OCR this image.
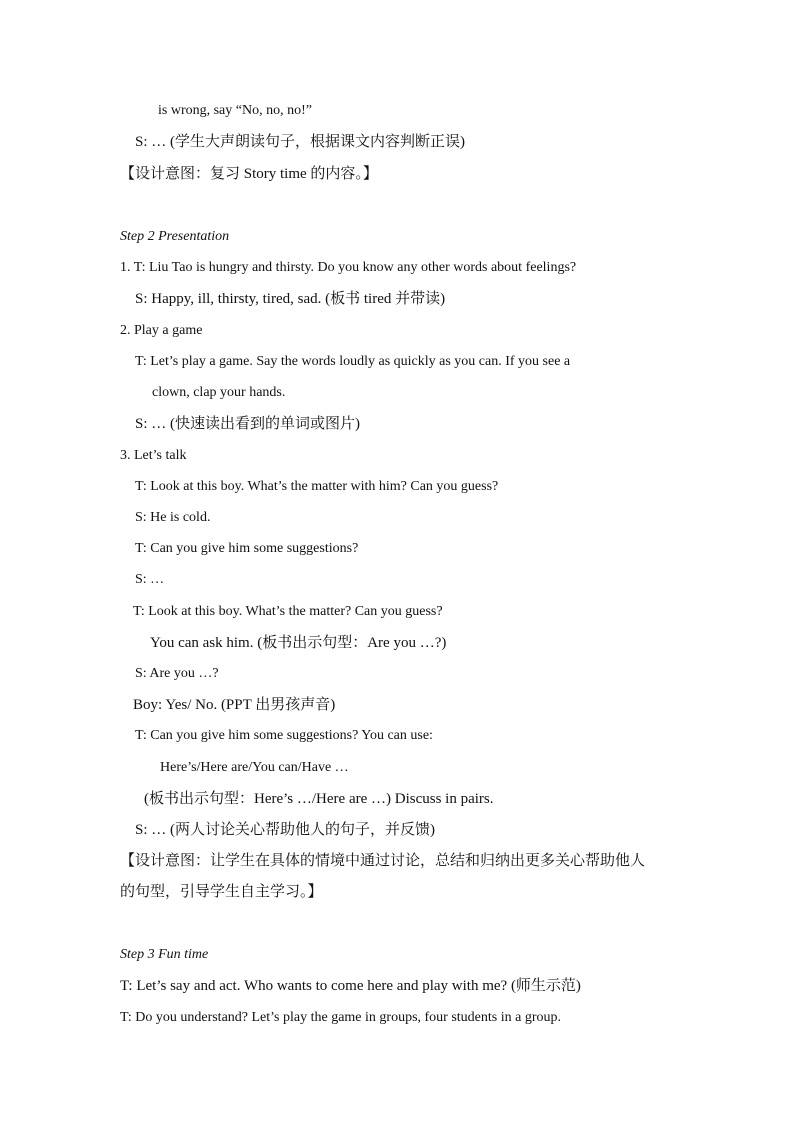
is wrong, say “No, no, no!”
S: … (学生大声朗读句子，根据课文内容判断正误)
【设计意图：复习 Story time 的内容。】
Step 2 Presentation
1. T: Liu Tao is hungry and thirsty. Do you know any other words about feelings?
S: Happy, ill, thirsty, tired, sad. (板书 tired 并带读)
2. Play a game
T: Let’s play a game. Say the words loudly as quickly as you can. If you see a
clown, clap your hands.
S: … (快速读出看到的单词或图片)
3. Let’s talk
T: Look at this boy. What’s the matter with him? Can you guess?
S: He is cold.
T: Can you give him some suggestions?
S: …
T: Look at this boy. What’s the matter? Can you guess?
You can ask him. (板书出示句型：Are you …?)
S: Are you …?
Boy: Yes/ No. (PPT 出男孩声音)
T: Can you give him some suggestions? You can use:
Here’s/Here are/You can/Have …
(板书出示句型：Here’s …/Here are …) Discuss in pairs.
S: … (两人讨论关心帮助他人的句子，并反馈)
【设计意图：让学生在具体的情境中通过讨论，总结和归纳出更多关心帮助他人
的句型，引导学生自主学习。】
Step 3 Fun time
T: Let’s say and act. Who wants to come here and play with me? (师生示范)
T: Do you understand? Let’s play the game in groups, four students in a group.
